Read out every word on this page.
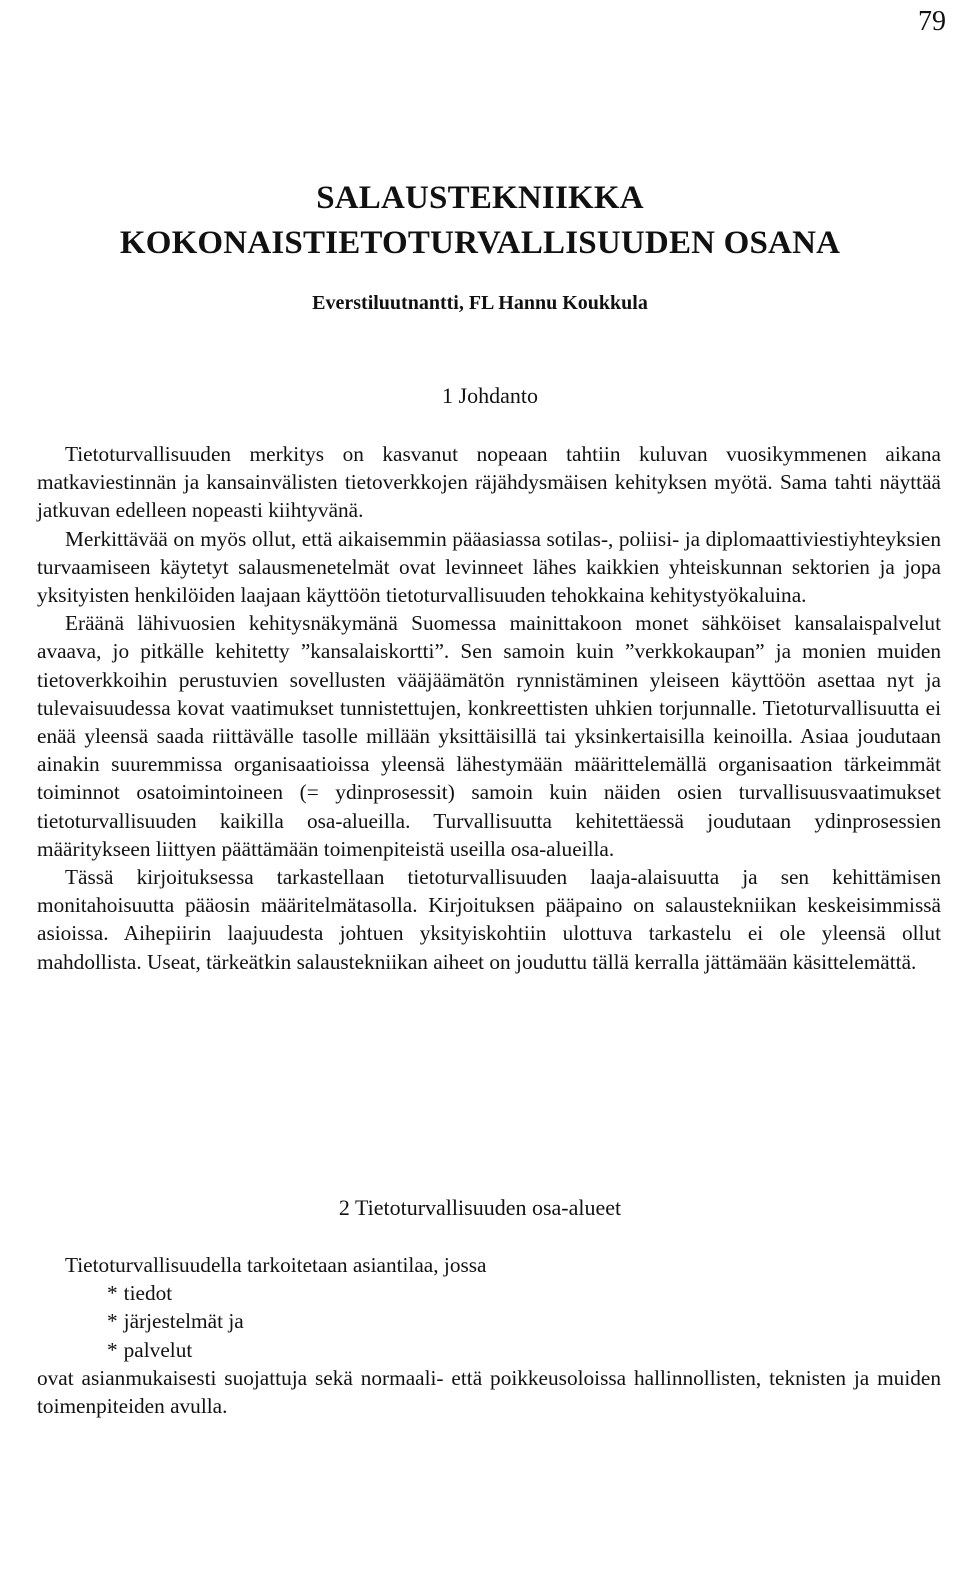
79
SALAUSTEKNIIKKA
KOKONAISTIETOTURVALLISUUDEN OSANA
Everstiluutnantti, FL Hannu Koukkula
1 Johdanto

Tietoturvallisuuden merkitys on kasvanut nopeaan tahtiin kuluvan vuosikymmenen aikana matkaviestinnän ja kansainvälisten tietoverkkojen räjähdysmäisen kehityksen myötä. Sama tahti näyttää jatkuvan edelleen nopeasti kiihtyvänä.

Merkittävää on myös ollut, että aikaisemmin pääasiassa sotilas-, poliisi- ja diplomaattiviestiyhteyksien turvaamiseen käytetyt salausmenetelmät ovat levinneet lähes kaikkien yhteiskunnan sektorien ja jopa yksityisten henkilöiden laajaan käyttöön tietoturvallisuuden tehokkaina kehitystyökaluina.

Eräänä lähivuosien kehitysnäkymänä Suomessa mainittakoon monet sähköiset kansalaispalvelut avaava, jo pitkälle kehitetty ”kansalaiskortti”. Sen samoin kuin ”verkkokaupan” ja monien muiden tietoverkkoihin perustuvien sovellusten vääjäämätön rynnistäminen yleiseen käyttöön asettaa nyt ja tulevaisuudessa kovat vaatimukset tunnistettujen, konkreettisten uhkien torjunnalle. Tietoturvallisuutta ei enää yleensä saada riittävälle tasolle millään yksittäisillä tai yksinkertaisilla keinoilla. Asiaa joudutaan ainakin suuremmissa organisaatioissa yleensä lähestymään määrittelemällä organisaation tärkeimmät toiminnot osatoimintoineen (= ydinprosessit) samoin kuin näiden osien turvallisuusvaatimukset tietoturvallisuuden kaikilla osa-alueilla. Turvallisuutta kehitettäessä joudutaan ydinprosessien määritykseen liittyen päättämään toimenpiteistä useilla osa-alueilla.

Tässä kirjoituksessa tarkastellaan tietoturvallisuuden laaja-alaisuutta ja sen kehittämisen monitahoisuutta pääosin määritelmätasolla. Kirjoituksen pääpaino on salaustekniikan keskeisimmissä asioissa. Aihepiirin laajuudesta johtuen yksityiskohtiin ulottuva tarkastelu ei ole yleensä ollut mahdollista. Useat, tärkeätkin salaustekniikan aiheet on jouduttu tällä kerralla jättämään käsittelemättä.

2 Tietoturvallisuuden osa-alueet

Tietoturvallisuudella tarkoitetaan asiantilaa, jossa

* tiedot
* järjestelmät ja
* palvelut

ovat asianmukaisesti suojattuja sekä normaali- että poikkeusoloissa hallinnollisten, teknisten ja muiden toimenpiteiden avulla.
